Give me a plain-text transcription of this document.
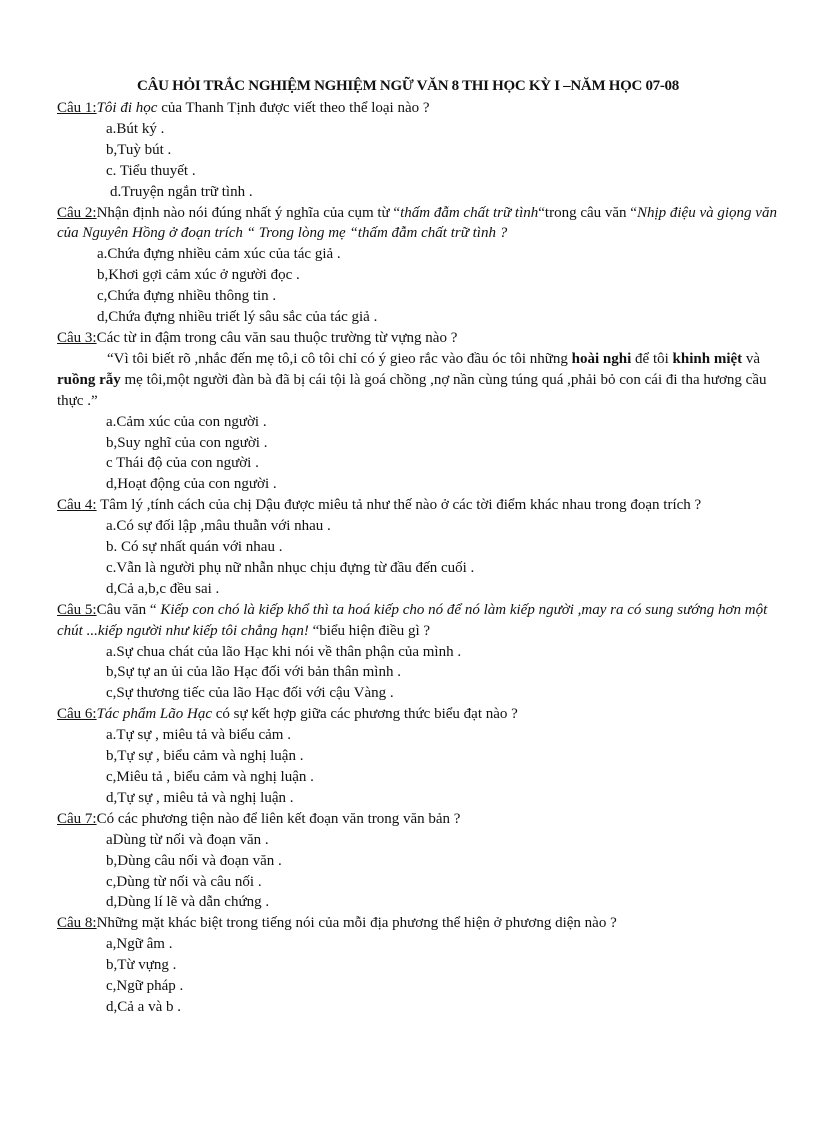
CÂU HỎI TRẮC NGHIỆM NGHIỆM NGỮ VĂN 8 THI HỌC KỲ I –NĂM HỌC 07-08
Câu 1:Tôi đi học của Thanh Tịnh được viết theo thể loại nào ?
a.Bút ký .
b,Tuỳ bút .
c. Tiểu thuyết .
d.Truyện ngắn trữ tình .
Câu 2:Nhận định nào nói đúng nhất ý nghĩa của cụm từ “thấm đẫm chất trữ tình“trong câu văn “Nhịp điệu và giọng văn của Nguyên Hồng ở đoạn trích “ Trong lòng mẹ “thấm đẫm chất trữ tình ?
a.Chứa đựng nhiều cảm xúc của tác giả .
b,Khơi gợi cảm xúc ở người đọc .
c,Chứa đựng nhiều thông tin .
d,Chứa đựng nhiều triết lý sâu sắc của tác giả .
Câu 3:Các từ in đậm trong câu văn sau thuộc trường từ vựng nào ?
“Vì tôi biết rõ ,nhắc đến mẹ tô,i cô tôi chỉ có ý gieo rắc vào đầu óc tôi những hoài nghi để tôi khinh miệt và ruồng rẫy mẹ tôi,một người đàn bà đã bị cái tội là goá chồng ,nợ nần cùng túng quá ,phải bỏ con cái đi tha hương cầu thực .”
a.Cảm xúc của con người .
b,Suy nghĩ của con người .
c Thái độ của con người .
d,Hoạt động của con người .
Câu 4: Tâm lý ,tính cách của chị Dậu được miêu tả như thế nào ở các tời điểm khác nhau trong đoạn trích ?
a.Có sự đối lập ,mâu thuẫn với nhau .
b. Có sự nhất quán với nhau .
c.Vẫn là người phụ nữ nhẫn nhục chịu đựng từ đầu đến cuối .
d,Cả a,b,c đều sai .
Câu 5:Câu văn “ Kiếp con chó là kiếp khổ thì ta hoá kiếp cho nó để nó làm kiếp người ,may ra có sung sướng hơn một chút ...kiếp người như kiếp tôi chẳng hạn! “biểu hiện điều gì ?
a.Sự chua chát của lão Hạc khi nói về thân phận của mình .
b,Sự tự an ủi của lão Hạc đối với bản thân mình .
c,Sự thương tiếc của lão Hạc đối với cậu Vàng .
Câu 6:Tác phẩm Lão Hạc có sự kết hợp giữa các phương thức biểu đạt nào ?
a.Tự sự , miêu tả và biểu cảm .
b,Tự sự , biểu cảm và nghị luận .
c,Miêu tả , biểu cảm và nghị luận .
d,Tự sự , miêu tả và nghị luận .
Câu 7:Có các phương tiện nào để liên kết đoạn văn trong văn bản ?
aDùng từ nối và đoạn văn .
b,Dùng câu nối và đoạn văn .
c,Dùng từ nối và câu nối .
d,Dùng lí lẽ và dẫn chứng .
Câu 8:Những mặt khác biệt trong tiếng nói của mỗi địa phương thể hiện ở phương diện nào ?
a,Ngữ âm .
b,Từ vựng .
c,Ngữ pháp .
d,Cả a và b .
